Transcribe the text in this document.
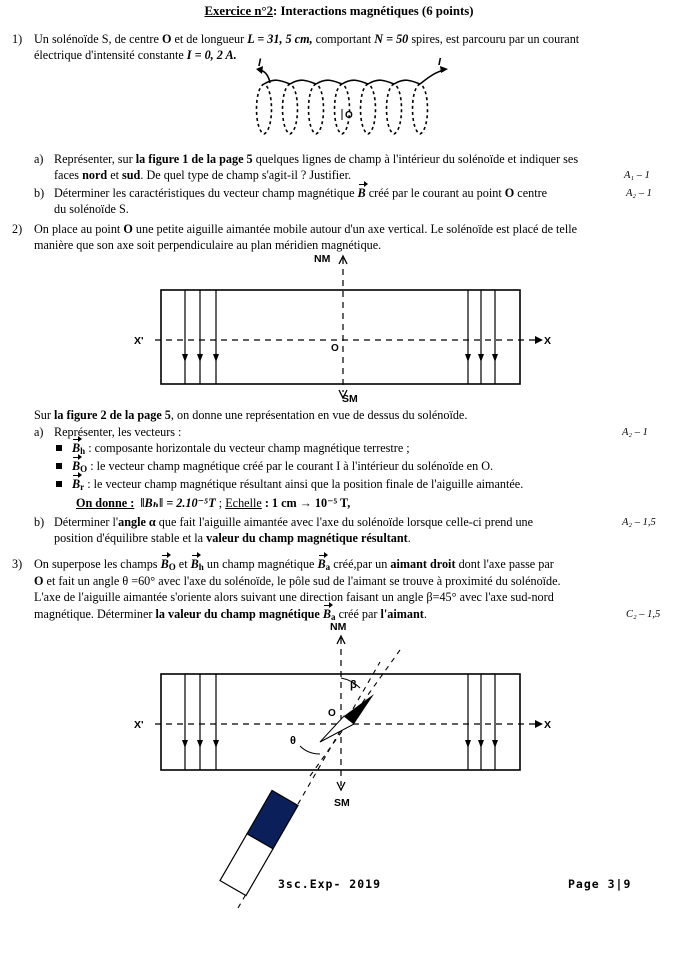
Exercice n°2: Interactions magnétiques (6 points)
1) Un solénoïde S, de centre O et de longueur L = 31, 5 cm, comportant N = 50 spires, est parcouru par un courant
électrique d'intensité constante I = 0, 2 A.
I	I
O
a) Représenter, sur la figure 1 de la page 5 quelques lignes de champ à l'intérieur du solénoïde et indiquer ses
faces nord et sud. De quel type de champ s'agit-il ? Justifier.	A₁ – 1
b) Déterminer les caractéristiques du vecteur champ magnétique B créé par le courant au point O centre	A₂ – 1
du solénoïde S.
2) On place au point O une petite aiguille aimantée mobile autour d'un axe vertical. Le solénoïde est placé de telle
manière que son axe soit perpendiculaire au plan méridien magnétique.
NM
SM
X'	X
O
Sur la figure 2 de la page 5, on donne une représentation en vue de dessus du solénoïde.
a) Représenter, les vecteurs :	A₂ – 1
$B_h$ : composante horizontale du vecteur champ magnétique terrestre ;
$B_O$ : le vecteur champ magnétique créé par le courant I à l'intérieur du solénoïde en O.
$B_r$ : le vecteur champ magnétique résultant ainsi que la position finale de l'aiguille aimantée.
On donne : ‖Bₕ‖ = 2.10⁻⁵T ; Echelle : 1 cm → 10⁻⁵ T,
b) Déterminer l'angle α que fait l'aiguille aimantée avec l'axe du solénoïde lorsque celle-ci prend une	A₂ – 1,5
position d'équilibre stable et la valeur du champ magnétique résultant.
3) On superpose les champs $B_O$ et $B_h$ un champ magnétique $B_a$ créé,par un aimant droit dont l'axe passe par
O et fait un angle θ =60° avec l'axe du solénoïde, le pôle sud de l'aimant se trouve à proximité du solénoïde.
L'axe de l'aiguille aimantée s'oriente alors suivant une direction faisant un angle β=45° avec l'axe sud-nord
magnétique. Déterminer la valeur du champ magnétique $B_a$ créé par l'aimant.	C₂ – 1,5
NM
SM
X'	X
β
θ
O
3sc.Exp- 2019	Page 3|9
